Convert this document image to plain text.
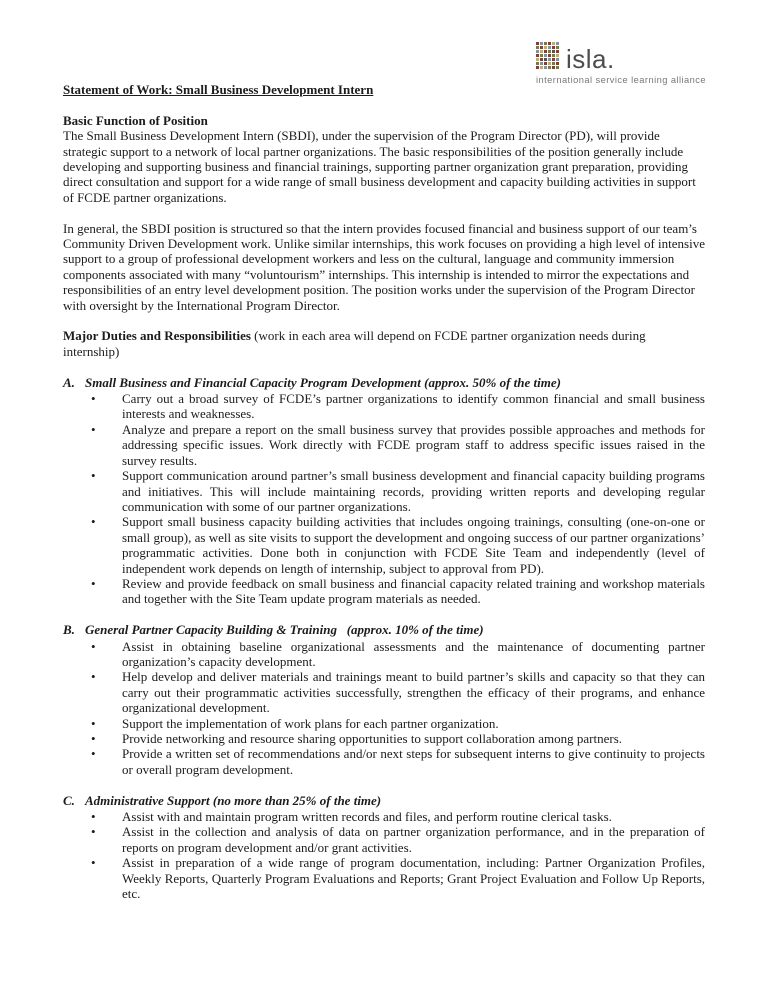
isla.
international service learning alliance

Statement of Work: Small Business Development Intern

Basic Function of Position

The Small Business Development Intern (SBDI), under the supervision of the Program Director (PD), will provide strategic support to a network of local partner organizations. The basic responsibilities of the position generally include developing and supporting business and financial trainings, supporting partner organization grant preparation, providing direct consultation and support for a wide range of small business development and capacity building activities in support of FCDE partner organizations.

In general, the SBDI position is structured so that the intern provides focused financial and business support of our team’s Community Driven Development work. Unlike similar internships, this work focuses on providing a high level of intensive support to a group of professional development workers and less on the cultural, language and community immersion components associated with many “voluntourism” internships. This internship is intended to mirror the expectations and responsibilities of an entry level development position. The position works under the supervision of the Program Director with oversight by the International Program Director.

Major Duties and Responsibilities (work in each area will depend on FCDE partner organization needs during internship)

A. Small Business and Financial Capacity Program Development (approx. 50% of the time)
• Carry out a broad survey of FCDE’s partner organizations to identify common financial and small business interests and weaknesses.
• Analyze and prepare a report on the small business survey that provides possible approaches and methods for addressing specific issues. Work directly with FCDE program staff to address specific issues raised in the survey results.
• Support communication around partner’s small business development and financial capacity building programs and initiatives. This will include maintaining records, providing written reports and developing regular communication with some of our partner organizations.
• Support small business capacity building activities that includes ongoing trainings, consulting (one-on-one or small group), as well as site visits to support the development and ongoing success of our partner organizations’ programmatic activities. Done both in conjunction with FCDE Site Team and independently (level of independent work depends on length of internship, subject to approval from PD).
• Review and provide feedback on small business and financial capacity related training and workshop materials and together with the Site Team update program materials as needed.
B. General Partner Capacity Building & Training   (approx. 10% of the time)
• Assist in obtaining baseline organizational assessments and the maintenance of documenting partner organization’s capacity development.
• Help develop and deliver materials and trainings meant to build partner’s skills and capacity so that they can carry out their programmatic activities successfully, strengthen the efficacy of their programs, and enhance organizational development.
• Support the implementation of work plans for each partner organization.
• Provide networking and resource sharing opportunities to support collaboration among partners.
• Provide a written set of recommendations and/or next steps for subsequent interns to give continuity to projects or overall program development.
C. Administrative Support (no more than 25% of the time)
• Assist with and maintain program written records and files, and perform routine clerical tasks.
• Assist in the collection and analysis of data on partner organization performance, and in the preparation of reports on program development and/or grant activities.
• Assist in preparation of a wide range of program documentation, including: Partner Organization Profiles, Weekly Reports, Quarterly Program Evaluations and Reports; Grant Project Evaluation and Follow Up Reports, etc.
